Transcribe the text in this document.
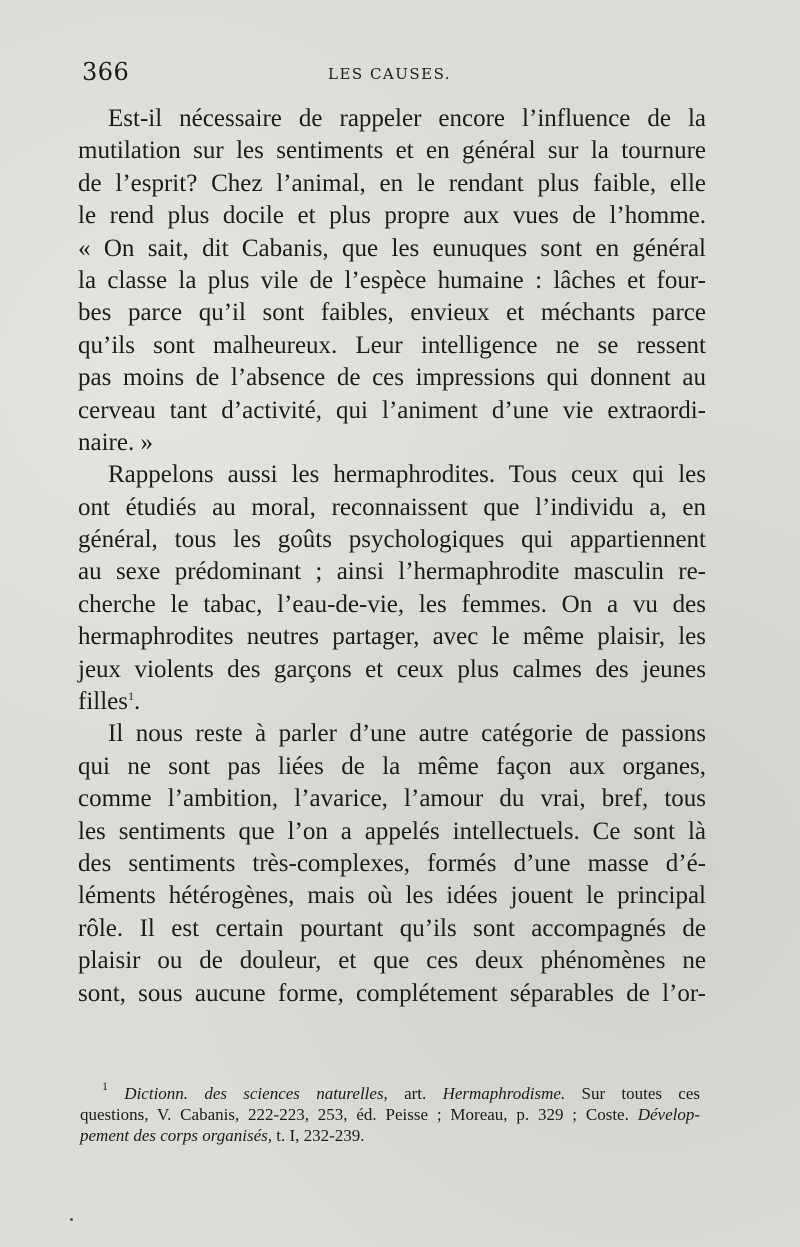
366	LES CAUSES.
Est-il nécessaire de rappeler encore l’influence de la
mutilation sur les sentiments et en général sur la tournure
de l’esprit? Chez l’animal, en le rendant plus faible, elle
le rend plus docile et plus propre aux vues de l’homme.
« On sait, dit Cabanis, que les eunuques sont en général
la classe la plus vile de l’espèce humaine : lâches et four-
bes parce qu’il sont faibles, envieux et méchants parce
qu’ils sont malheureux. Leur intelligence ne se ressent
pas moins de l’absence de ces impressions qui donnent au
cerveau tant d’activité, qui l’animent d’une vie extraordi-
naire. »
Rappelons aussi les hermaphrodites. Tous ceux qui les
ont étudiés au moral, reconnaissent que l’individu a, en
général, tous les goûts psychologiques qui appartiennent
au sexe prédominant ; ainsi l’hermaphrodite masculin re-
cherche le tabac, l’eau-de-vie, les femmes. On a vu des
hermaphrodites neutres partager, avec le même plaisir, les
jeux violents des garçons et ceux plus calmes des jeunes
filles$^1$.
Il nous reste à parler d’une autre catégorie de passions
qui ne sont pas liées de la même façon aux organes,
comme l’ambition, l’avarice, l’amour du vrai, bref, tous
les sentiments que l’on a appelés intellectuels. Ce sont là
des sentiments très-complexes, formés d’une masse d’é-
léments hétérogènes, mais où les idées jouent le principal
rôle. Il est certain pourtant qu’ils sont accompagnés de
plaisir ou de douleur, et que ces deux phénomènes ne
sont, sous aucune forme, complétement séparables de l’or-
$^1$ Dictionn. des sciences naturelles, art. Hermaphrodisme. Sur toutes ces
questions, V. Cabanis, 222-223, 253, éd. Peisse ; Moreau, p. 329 ; Coste. Dévelop-
pement des corps organisés, t. I, 232-239.
